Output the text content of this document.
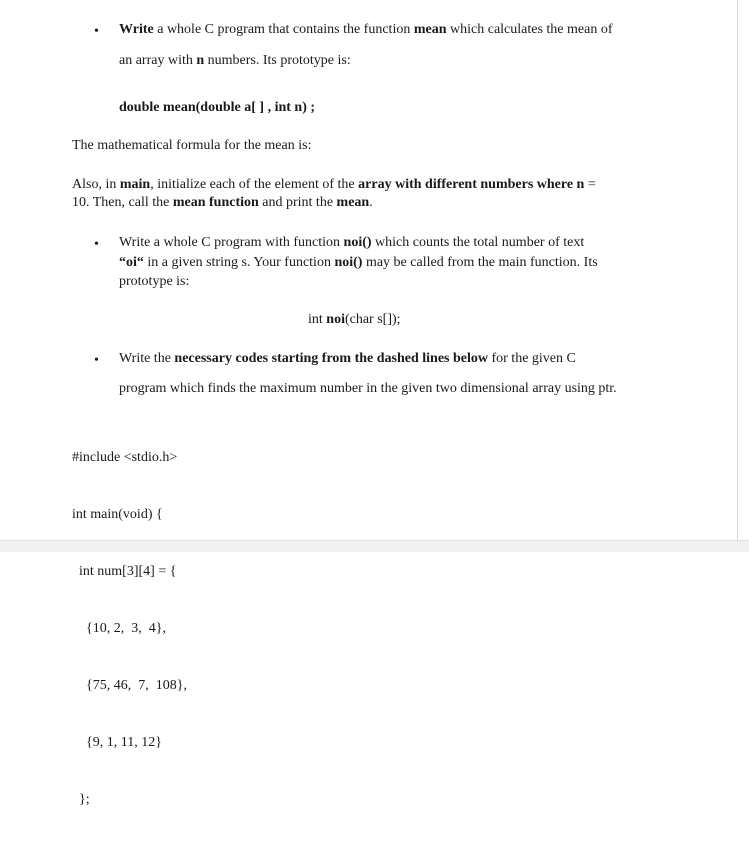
• Write a whole C program that contains the function mean which calculates the mean of
an array with n numbers. Its prototype is:
double mean(double a[ ] , int n) ;
The mathematical formula for the mean is:
Also, in main, initialize each of the element of the array with different numbers where n =
10. Then, call the mean function and print the mean.
• Write a whole C program with function noi() which counts the total number of text
“oi“ in a given string s. Your function noi() may be called from the main function. Its
prototype is:
int noi(char s[]);
• Write the necessary codes starting from the dashed lines below for the given C
program which finds the maximum number in the given two dimensional array using ptr.

#include <stdio.h>

int main(void) {

int num[3][4] = {

{10, 2,  3,  4},

{75, 46,  7,  108},

{9, 1, 11, 12}

};
